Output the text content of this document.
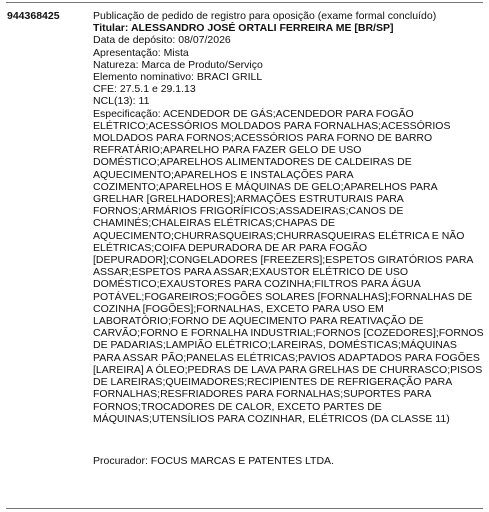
944368425	Publicação de pedido de registro para oposição (exame formal concluído)
Titular: ALESSANDRO JOSÉ ORTALI FERREIRA ME [BR/SP]
Data de depósito: 08/07/2026
Apresentação: Mista
Natureza: Marca de Produto/Serviço
Elemento nominativo: BRACI GRILL
CFE: 27.5.1 e 29.1.13
NCL(13): 11
Especificação: ACENDEDOR DE GÁS;ACENDEDOR PARA FOGÃO ELÉTRICO;ACESSÓRIOS MOLDADOS PARA FORNALHAS;ACESSÓRIOS MOLDADOS PARA FORNOS;ACESSÓRIOS PARA FORNO DE BARRO REFRATÁRIO;APARELHO PARA FAZER GELO DE USO DOMÉSTICO;APARELHOS ALIMENTADORES DE CALDEIRAS DE AQUECIMENTO;APARELHOS E INSTALAÇÕES PARA COZIMENTO;APARELHOS E MÁQUINAS DE GELO;APARELHOS PARA GRELHAR [GRELHADORES];ARMAÇÕES ESTRUTURAIS PARA FORNOS;ARMÁRIOS FRIGORÍFICOS;ASSADEIRAS;CANOS DE CHAMINÉS;CHALEIRAS ELÉTRICAS;CHAPAS DE AQUECIMENTO;CHURRASQUEIRAS;CHURRASQUEIRAS ELÉTRICA E NÃO ELÉTRICAS;COIFA DEPURADORA DE AR PARA FOGÃO [DEPURADOR];CONGELADORES [FREEZERS];ESPETOS GIRATÓRIOS PARA ASSAR;ESPETOS PARA ASSAR;EXAUSTOR ELÉTRICO DE USO DOMÉSTICO;EXAUSTORES PARA COZINHA;FILTROS PARA ÁGUA POTÁVEL;FOGAREIROS;FOGÕES SOLARES [FORNALHAS];FORNALHAS DE COZINHA [FOGÕES];FORNALHAS, EXCETO PARA USO EM LABORATÓRIO;FORNO DE AQUECIMENTO PARA REATIVAÇÃO DE CARVÃO;FORNO E FORNALHA INDUSTRIAL;FORNOS [COZEDORES];FORNOS DE PADARIAS;LAMPIÃO ELÉTRICO;LAREIRAS, DOMÉSTICAS;MÁQUINAS PARA ASSAR PÃO;PANELAS ELÉTRICAS;PAVIOS ADAPTADOS PARA FOGÕES [LAREIRA] A ÓLEO;PEDRAS DE LAVA PARA GRELHAS DE CHURRASCO;PISOS DE LAREIRAS;QUEIMADORES;RECIPIENTES DE REFRIGERAÇÃO PARA FORNALHAS;RESFRIADORES PARA FORNALHAS;SUPORTES PARA FORNOS;TROCADORES DE CALOR, EXCETO PARTES DE MÁQUINAS;UTENSÍLIOS PARA COZINHAR, ELÉTRICOS (DA CLASSE 11)
Procurador: FOCUS MARCAS E PATENTES LTDA.
